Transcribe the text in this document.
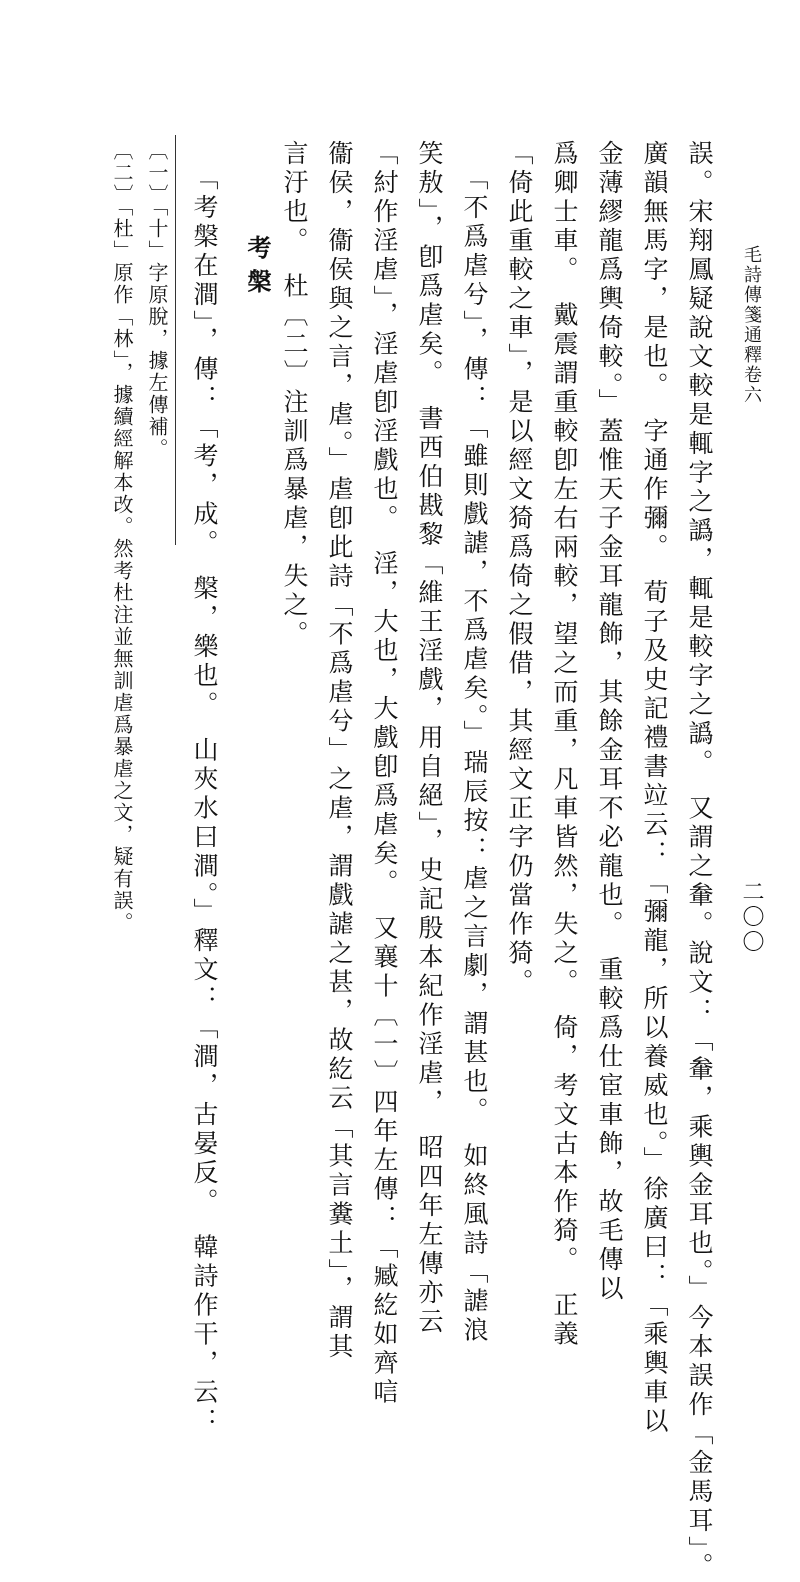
毛詩傳箋通釋卷六
二〇〇
誤。宋翔鳳疑說文較是輒字之譌，輒是較字之譌。　又謂之軬。說文：「軬，乘輿金耳也。」今本誤作「金馬耳」。
廣韻無馬字，是也。　字通作彌。　荀子及史記禮書竝云：「彌龍，所以養威也。」徐廣曰：「乘輿車以
金薄繆龍爲輿倚較。」蓋惟天子金耳龍飾，其餘金耳不必龍也。　重較爲仕宦車飾，故毛傳以
爲卿士車。　戴震謂重較卽左右兩較，望之而重，凡車皆然，失之。　倚，考文古本作猗。　正義
「倚此重較之車」，是以經文猗爲倚之假借，其經文正字仍當作猗。
「不爲虐兮」，傳：「雖則戲謔，不爲虐矣。」瑞辰按：虐之言劇，謂甚也。　如終風詩「謔浪
笑敖」，卽爲虐矣。　書西伯戡黎「維王淫戲，用自絕」，史記殷本紀作淫虐，　昭四年左傳亦云
「紂作淫虐」，淫虐卽淫戲也。　淫，大也，大戲卽爲虐矣。　又襄十〔一〕四年左傳：「臧紇如齊唁
衞侯，衞侯與之言，虐。」虐卽此詩「不爲虐兮」之虐，謂戲謔之甚，故紇云「其言糞土」，謂其
言汙也。　杜〔二〕注訓爲暴虐，失之。
考槃
「考槃在澗」，傳：「考，成。　槃，樂也。　山夾水曰澗。」釋文：「澗，古晏反。　韓詩作干，云：
〔一〕「十」字原脫，據左傳補。
〔二〕「杜」原作「林」，據續經解本改。然考杜注並無訓虐爲暴虐之文，疑有誤。
